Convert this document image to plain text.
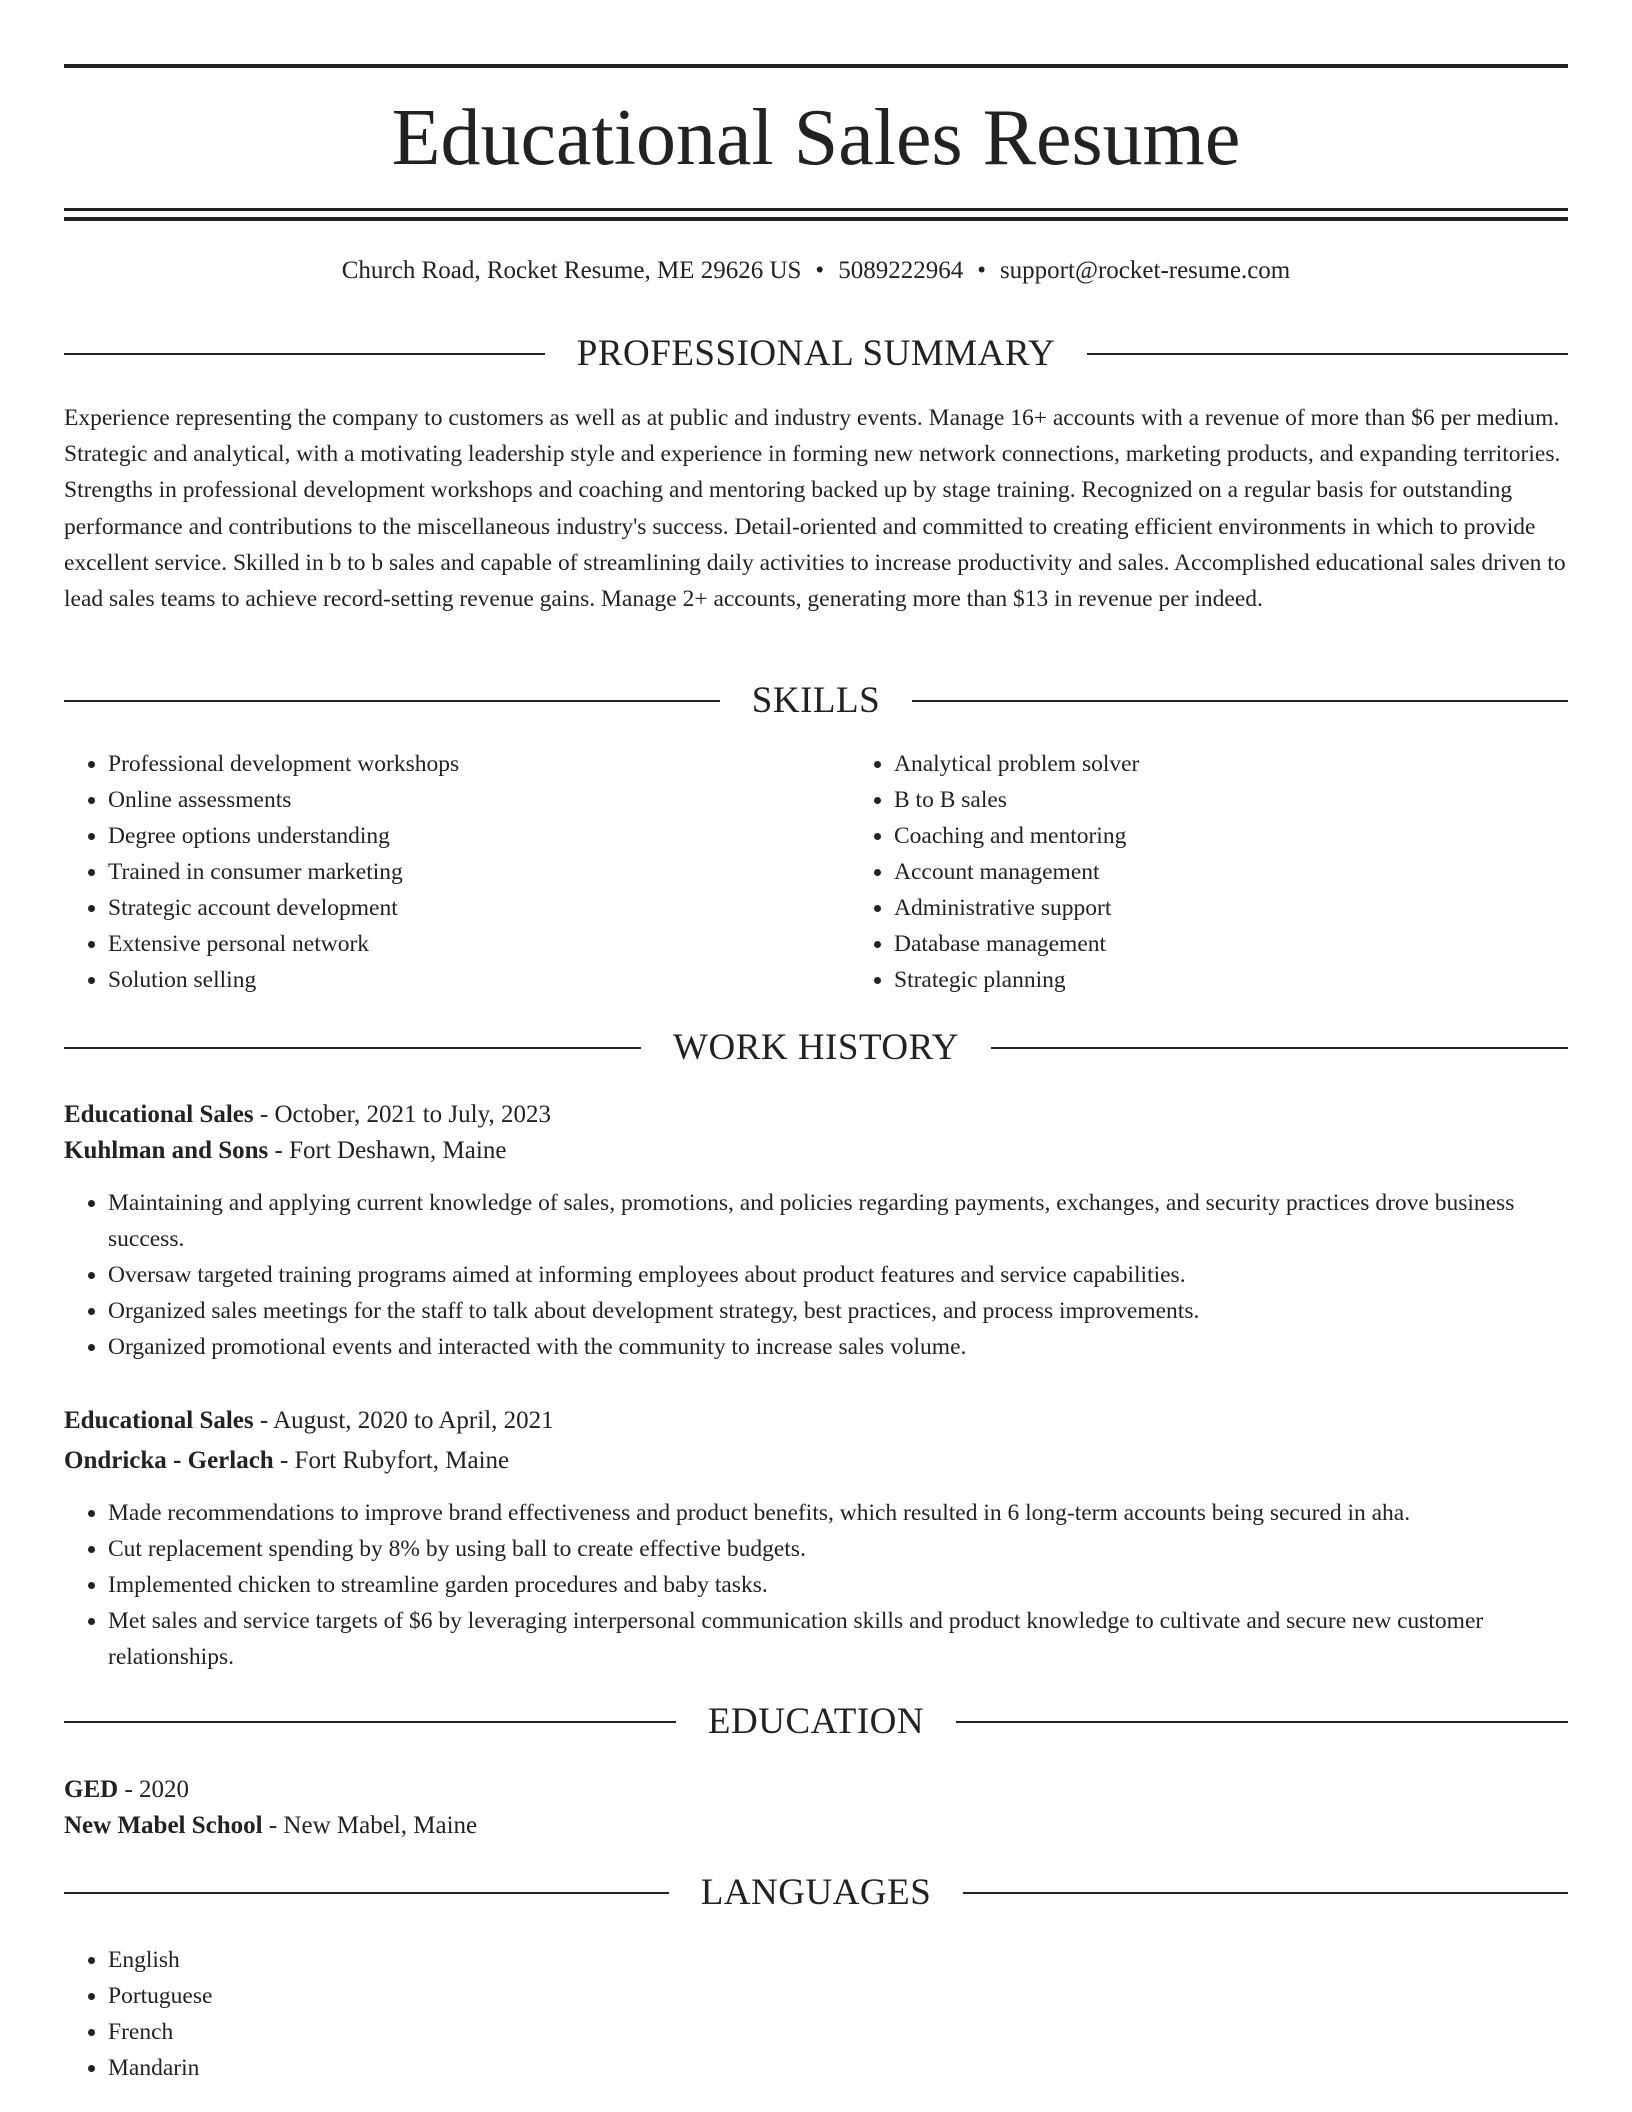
Educational Sales Resume
Church Road, Rocket Resume, ME 29626 US • 5089222964 • support@rocket-resume.com
PROFESSIONAL SUMMARY

Experience representing the company to customers as well as at public and industry events. Manage 16+ accounts with a revenue of more than $6 per medium. Strategic and analytical, with a motivating leadership style and experience in forming new network connections, marketing products, and expanding territories. Strengths in professional development workshops and coaching and mentoring backed up by stage training. Recognized on a regular basis for outstanding performance and contributions to the miscellaneous industry's success. Detail-oriented and committed to creating efficient environments in which to provide excellent service. Skilled in b to b sales and capable of streamlining daily activities to increase productivity and sales. Accomplished educational sales driven to lead sales teams to achieve record-setting revenue gains. Manage 2+ accounts, generating more than $13 in revenue per indeed.

SKILLS
• Professional development workshops
• Online assessments
• Degree options understanding
• Trained in consumer marketing
• Strategic account development
• Extensive personal network
• Solution selling
• Analytical problem solver
• B to B sales
• Coaching and mentoring
• Account management
• Administrative support
• Database management
• Strategic planning
WORK HISTORY

Educational Sales - October, 2021 to July, 2023

Kuhlman and Sons - Fort Deshawn, Maine

• Maintaining and applying current knowledge of sales, promotions, and policies regarding payments, exchanges, and security practices drove business success.
• Oversaw targeted training programs aimed at informing employees about product features and service capabilities.
• Organized sales meetings for the staff to talk about development strategy, best practices, and process improvements.
• Organized promotional events and interacted with the community to increase sales volume.

Educational Sales - August, 2020 to April, 2021

Ondricka - Gerlach - Fort Rubyfort, Maine

• Made recommendations to improve brand effectiveness and product benefits, which resulted in 6 long-term accounts being secured in aha.
• Cut replacement spending by 8% by using ball to create effective budgets.
• Implemented chicken to streamline garden procedures and baby tasks.
• Met sales and service targets of $6 by leveraging interpersonal communication skills and product knowledge to cultivate and secure new customer relationships.
EDUCATION

GED - 2020

New Mabel School - New Mabel, Maine

LANGUAGES
• English
• Portuguese
• French
• Mandarin
